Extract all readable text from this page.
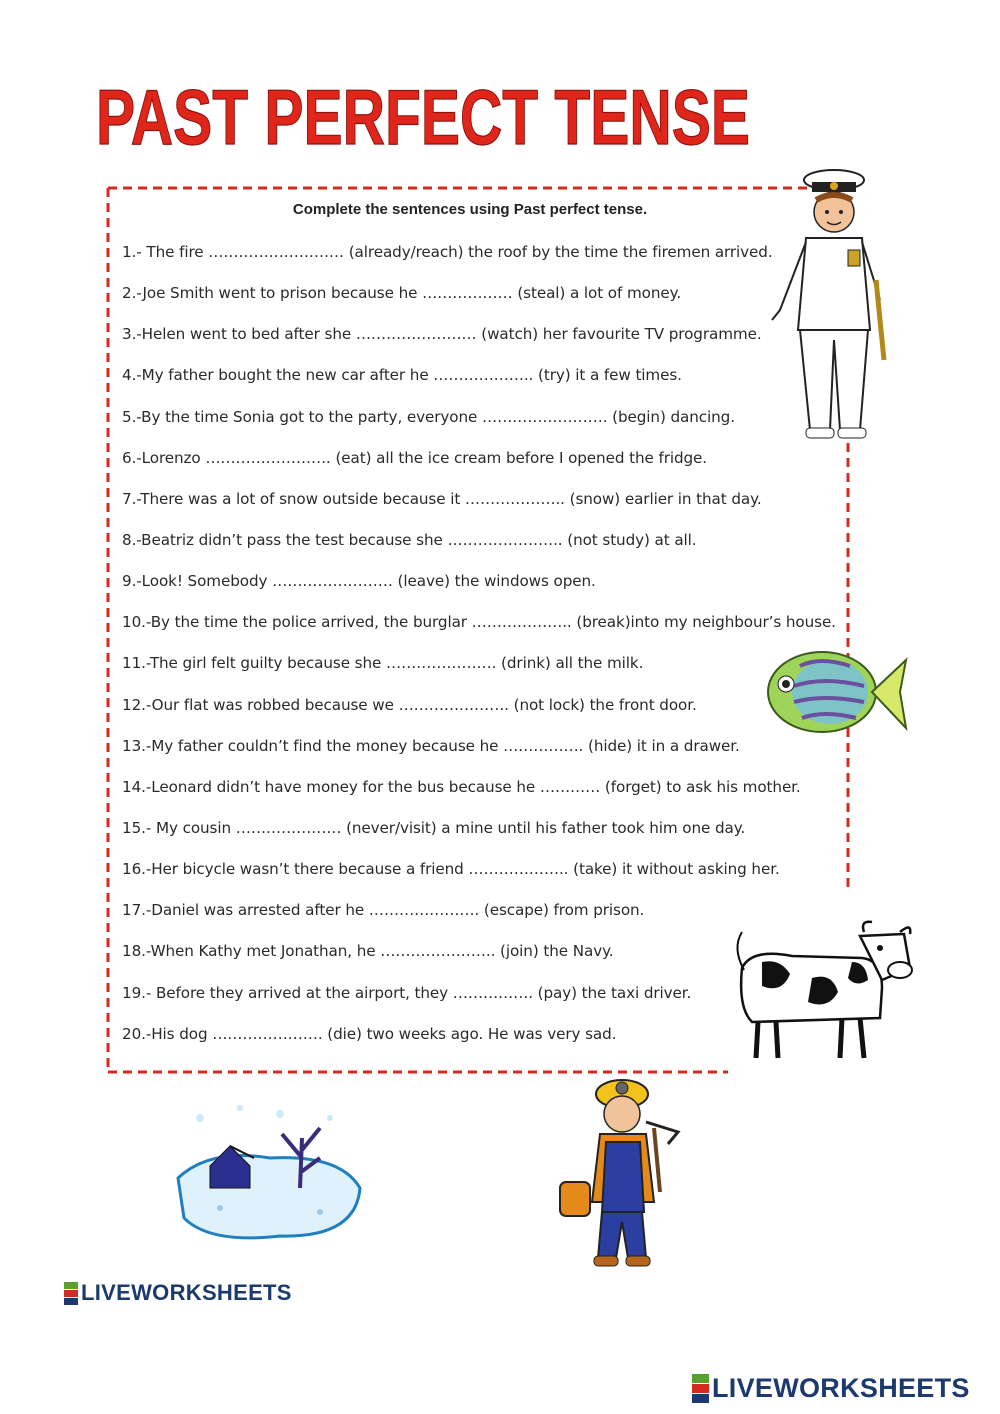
PAST PERFECT TENSE
Complete the sentences using Past perfect tense.
1.- The fire ……………………… (already/reach) the roof by the time the firemen arrived.
2.-Joe Smith went to prison because he ……………… (steal) a lot of money.
3.-Helen went to bed after she …………………… (watch) her favourite TV programme.
4.-My father bought the new car after he ……………….. (try) it a few times.
5.-By the time Sonia got to the party, everyone ……………………. (begin) dancing.
6.-Lorenzo ……………………. (eat) all the ice cream before I opened the fridge.
7.-There was a lot of snow outside because it ……………….. (snow) earlier in that day.
8.-Beatriz didn’t pass the test because she ………………….. (not study) at all.
9.-Look! Somebody …………………… (leave) the windows open.
10.-By the time the police arrived, the burglar ……………….. (break)into my neighbour’s house.
11.-The girl felt guilty because she …………………. (drink) all the milk.
12.-Our flat was robbed because we …………………. (not lock) the front door.
13.-My father couldn’t find the money because he ……………. (hide) it in a drawer.
14.-Leonard didn’t have money for the bus because he ………… (forget) to ask his mother.
15.- My cousin ………………… (never/visit) a mine until his father took him one day.
16.-Her bicycle wasn’t there because a friend ……………….. (take) it without asking her.
17.-Daniel was arrested after he …………………. (escape) from prison.
18.-When Kathy met Jonathan, he ………………….. (join) the Navy.
19.- Before they arrived at the airport, they ……………. (pay) the taxi driver.
20.-His dog …………………. (die) two weeks ago. He was very sad.
LIVEWORKSHEETS
LIVEWORKSHEETS
